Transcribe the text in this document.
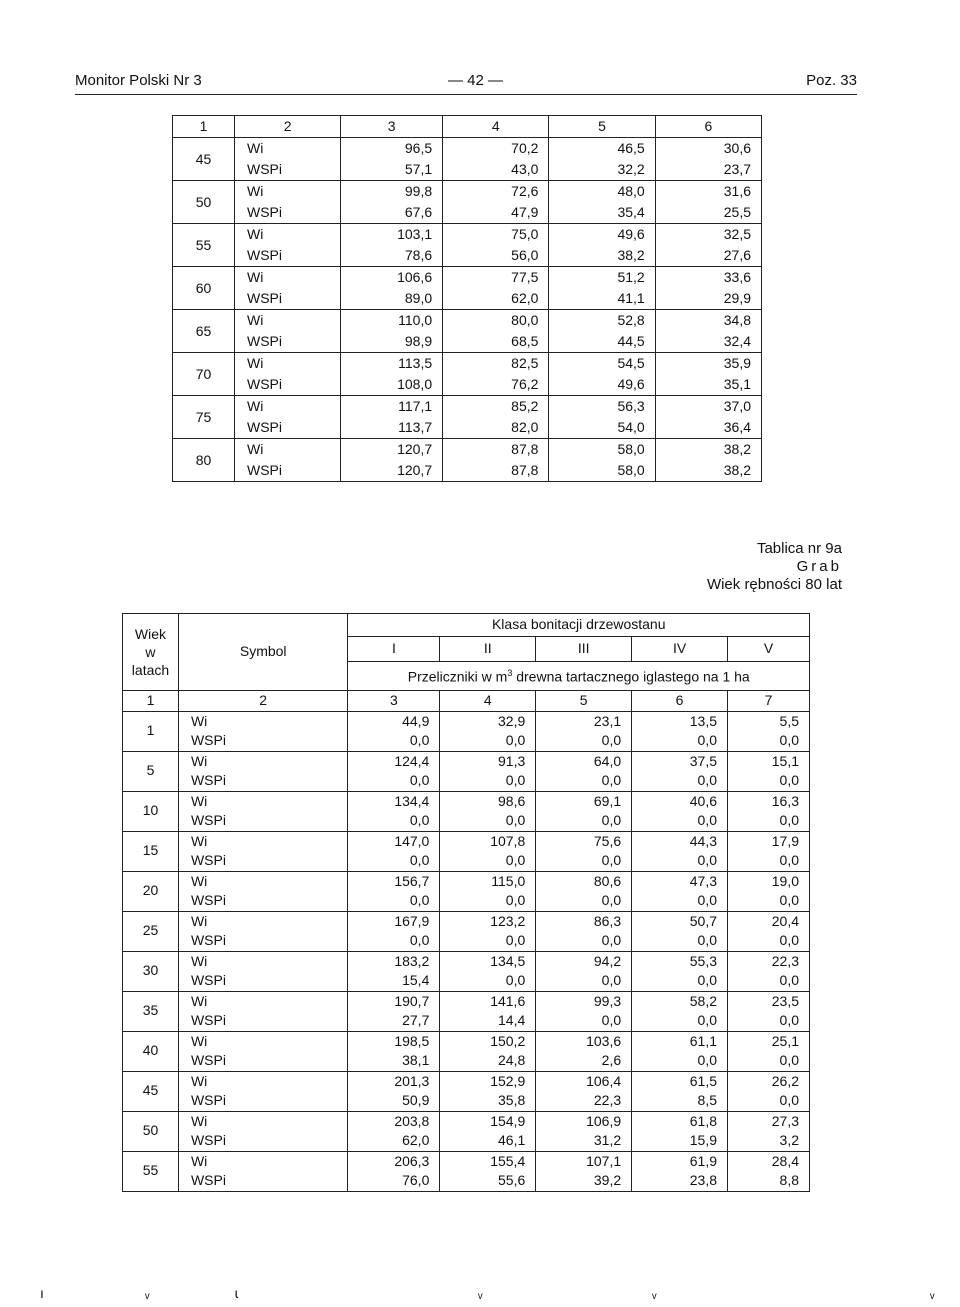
Monitor Polski Nr 3	— 42 —	Poz. 33
1	2	3	4	5	6
45	Wi	96,5	70,2	46,5	30,6
	WSPi	57,1	43,0	32,2	23,7
50	Wi	99,8	72,6	48,0	31,6
	WSPi	67,6	47,9	35,4	25,5
55	Wi	103,1	75,0	49,6	32,5
	WSPi	78,6	56,0	38,2	27,6
60	Wi	106,6	77,5	51,2	33,6
	WSPi	89,0	62,0	41,1	29,9
65	Wi	110,0	80,0	52,8	34,8
	WSPi	98,9	68,5	44,5	32,4
70	Wi	113,5	82,5	54,5	35,9
	WSPi	108,0	76,2	49,6	35,1
75	Wi	117,1	85,2	56,3	37,0
	WSPi	113,7	82,0	54,0	36,4
80	Wi	120,7	87,8	58,0	38,2
	WSPi	120,7	87,8	58,0	38,2
Tablica nr 9a
Grab
Wiek rębności 80 lat
Wiek
w
latach	Symbol	Klasa bonitacji drzewostanu				
		I	II	III	IV	V
		Przeliczniki w $m^3$ drewna tartacznego iglastego na 1 ha				
1	2	3	4	5	6	7
1	Wi	44,9	32,9	23,1	13,5	5,5
	WSPi	0,0	0,0	0,0	0,0	0,0
5	Wi	124,4	91,3	64,0	37,5	15,1
	WSPi	0,0	0,0	0,0	0,0	0,0
10	Wi	134,4	98,6	69,1	40,6	16,3
	WSPi	0,0	0,0	0,0	0,0	0,0
15	Wi	147,0	107,8	75,6	44,3	17,9
	WSPi	0,0	0,0	0,0	0,0	0,0
20	Wi	156,7	115,0	80,6	47,3	19,0
	WSPi	0,0	0,0	0,0	0,0	0,0
25	Wi	167,9	123,2	86,3	50,7	20,4
	WSPi	0,0	0,0	0,0	0,0	0,0
30	Wi	183,2	134,5	94,2	55,3	22,3
	WSPi	15,4	0,0	0,0	0,0	0,0
35	Wi	190,7	141,6	99,3	58,2	23,5
	WSPi	27,7	14,4	0,0	0,0	0,0
40	Wi	198,5	150,2	103,6	61,1	25,1
	WSPi	38,1	24,8	2,6	0,0	0,0
45	Wi	201,3	152,9	106,4	61,5	26,2
	WSPi	50,9	35,8	22,3	8,5	0,0
50	Wi	203,8	154,9	106,9	61,8	27,3
	WSPi	62,0	46,1	31,2	15,9	3,2
55	Wi	206,3	155,4	107,1	61,9	28,4
	WSPi	76,0	55,6	39,2	23,8	8,8
ı	ᵥ	ɩ	ᵥ	ᵥ	ᵥ
